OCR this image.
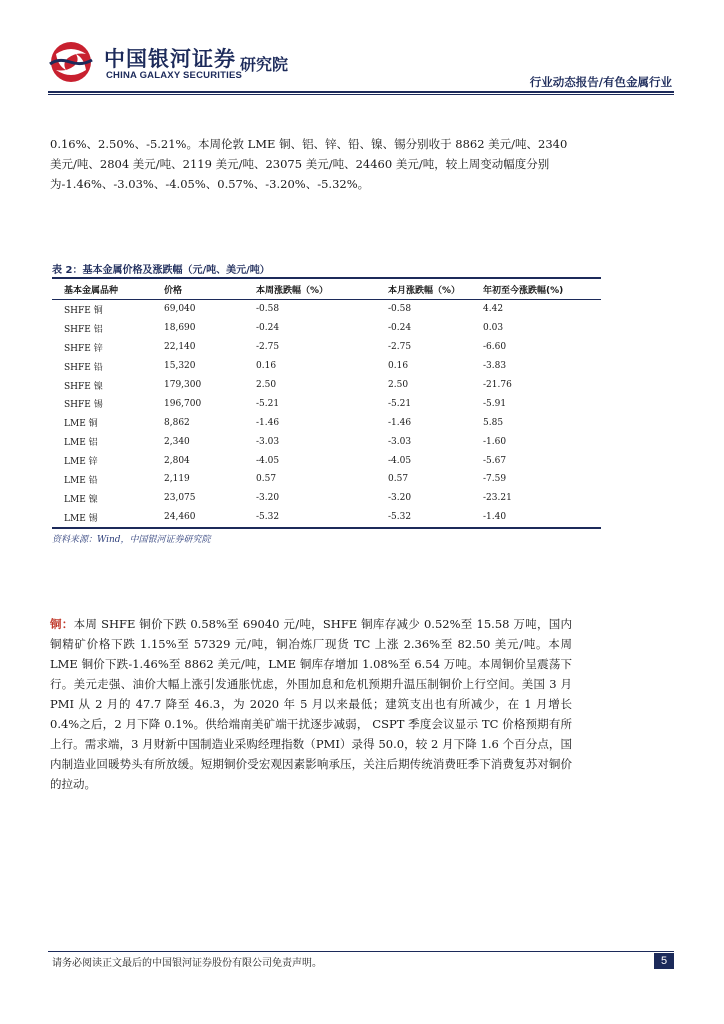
中国银河证券
CHINA GALAXY SECURITIES
研究院
行业动态报告/有色金属行业
0.16%、2.50%、-5.21%。本周伦敦 LME 铜、铝、锌、铅、镍、锡分别收于 8862 美元/吨、2340
美元/吨、2804 美元/吨、2119 美元/吨、23075 美元/吨、24460 美元/吨，较上周变动幅度分别
为-1.46%、-3.03%、-4.05%、0.57%、-3.20%、-5.32%。
表 2：基本金属价格及涨跌幅（元/吨、美元/吨）
基本金属品种	价格	本周涨跌幅（%）	本月涨跌幅（%）	年初至今涨跌幅(%)
SHFE 铜	69,040	-0.58	-0.58	4.42
SHFE 铝	18,690	-0.24	-0.24	0.03
SHFE 锌	22,140	-2.75	-2.75	-6.60
SHFE 铅	15,320	0.16	0.16	-3.83
SHFE 镍	179,300	2.50	2.50	-21.76
SHFE 锡	196,700	-5.21	-5.21	-5.91
LME 铜	8,862	-1.46	-1.46	5.85
LME 铝	2,340	-3.03	-3.03	-1.60
LME 锌	2,804	-4.05	-4.05	-5.67
LME 铅	2,119	0.57	0.57	-7.59
LME 镍	23,075	-3.20	-3.20	-23.21
LME 锡	24,460	-5.32	-5.32	-1.40
资料来源：Wind，中国银河证券研究院
铜：本周 SHFE 铜价下跌 0.58%至 69040 元/吨，SHFE 铜库存减少 0.52%至 15.58 万吨，国内铜精矿价格下跌 1.15%至 57329 元/吨，铜冶炼厂现货 TC 上涨 2.36%至 82.50 美元/吨。本周 LME 铜价下跌-1.46%至 8862 美元/吨，LME 铜库存增加 1.08%至 6.54 万吨。本周铜价呈震荡下行。美元走强、油价大幅上涨引发通胀忧虑，外围加息和危机预期升温压制铜价上行空间。美国 3 月 PMI 从 2 月的 47.7 降至 46.3，为 2020 年 5 月以来最低；建筑支出也有所减少，在 1 月增长 0.4%之后，2 月下降 0.1%。供给端南美矿端干扰逐步减弱， CSPT 季度会议显示 TC 价格预期有所上行。需求端，3 月财新中国制造业采购经理指数（PMI）录得 50.0，较 2 月下降 1.6 个百分点，国内制造业回暖势头有所放缓。短期铜价受宏观因素影响承压，关注后期传统消费旺季下消费复苏对铜价的拉动。
请务必阅读正文最后的中国银河证券股份有限公司免责声明。	5
